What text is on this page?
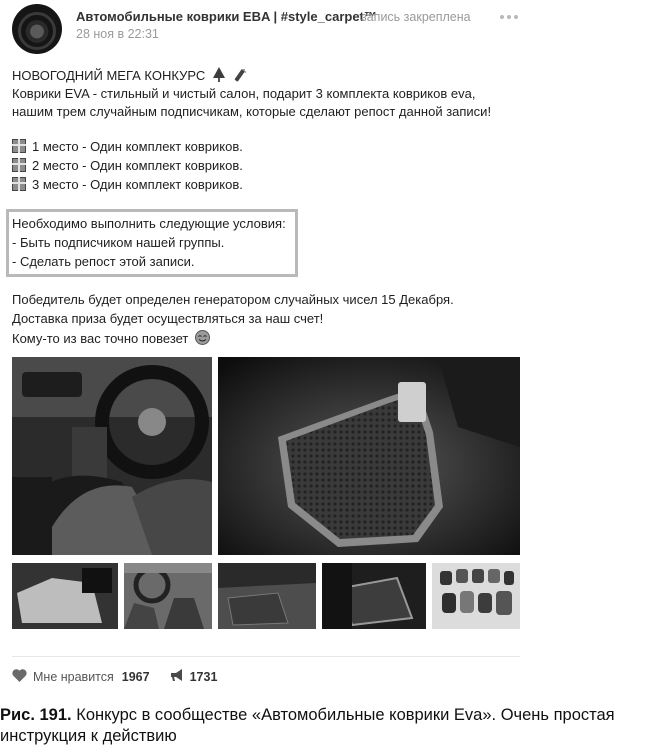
Автомобильные коврики EBA | #style_carpet™
запись закреплена
28 ноя в 22:31
НОВОГОДНИЙ МЕГА КОНКУРС
Коврики EVA - стильный и чистый салон, подарит 3 комплекта ковриков eva,
нашим трем случайным подписчикам, которые сделают репост данной записи!
1 место - Один комплект ковриков.
2 место - Один комплект ковриков.
3 место - Один комплект ковриков.
Необходимо выполнить следующие условия:
- Быть подписчиком нашей группы.
- Сделать репост этой записи.
Победитель будет определен генератором случайных чисел 15 Декабря.
Доставка приза будет осуществляться за наш счет!
Кому-то из вас точно повезет
Мне нравится 1967	1731
Рис. 191. Конкурс в сообществе «Автомобильные коврики Eva». Очень простая инструкция к действию
